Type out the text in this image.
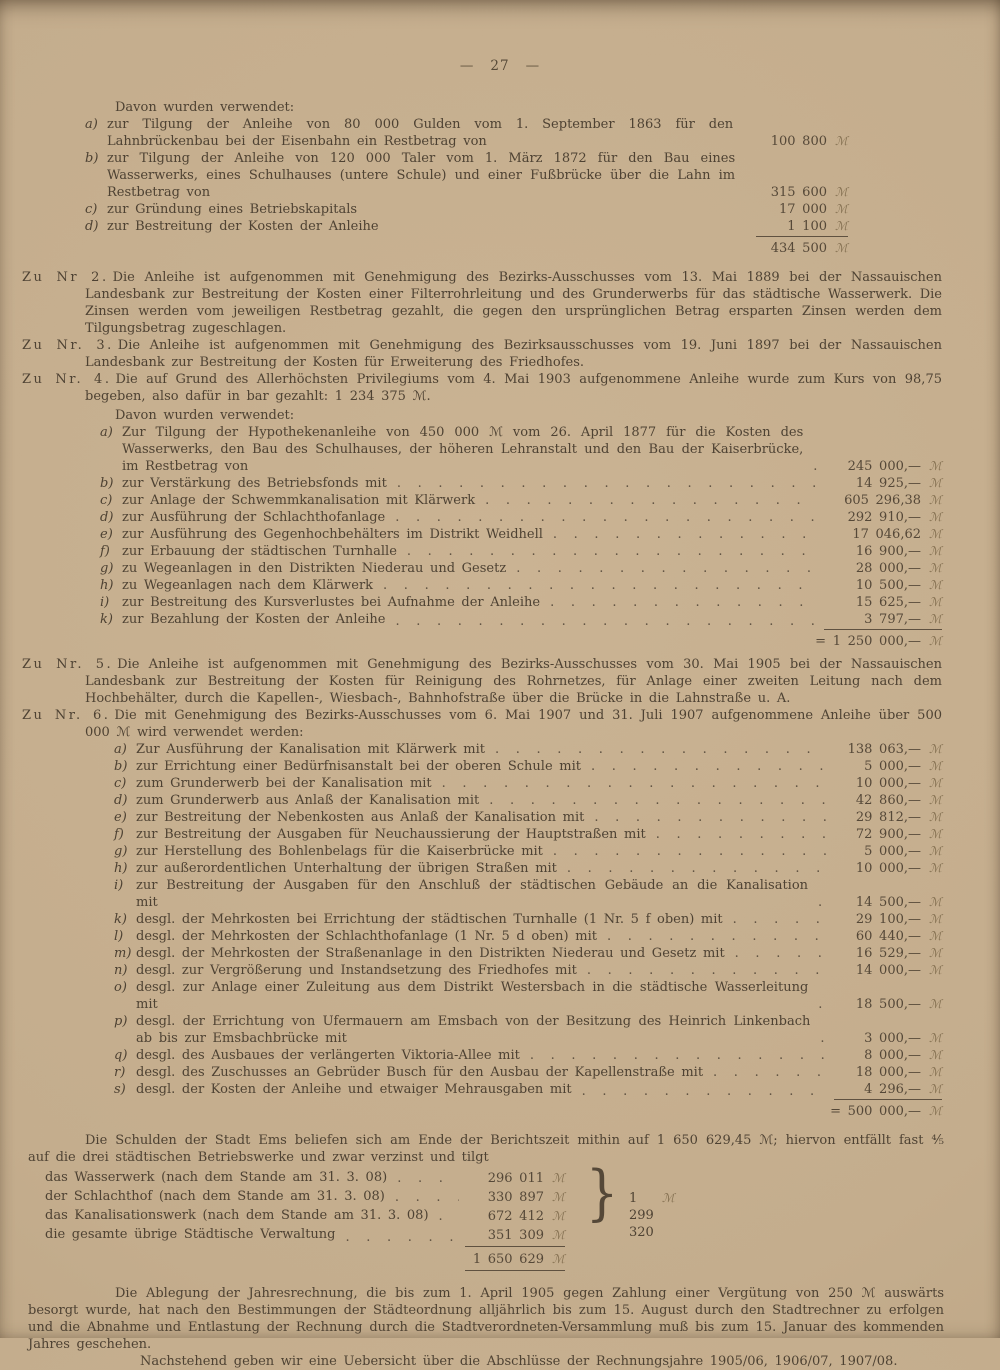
— 27 —
Davon wurden verwendet:
a) zur Tilgung der Anleihe von 80 000 Gulden vom 1. September 1863 für den Lahnbrückenbau bei der Eisenbahn ein Restbetrag von	100 800 ℳ
b) zur Tilgung der Anleihe von 120 000 Taler vom 1. März 1872 für den Bau eines Wasserwerks, eines Schulhauses (untere Schule) und einer Fußbrücke über die Lahn im Restbetrag von	315 600 ℳ
c) zur Gründung eines Betriebskapitals	17 000 ℳ
d) zur Bestreitung der Kosten der Anleihe	1 100 ℳ
434 500 ℳ

Zu Nr 2. Die Anleihe ist aufgenommen mit Genehmigung des Bezirks-Ausschusses vom 13. Mai 1889 bei der Nassauischen Landesbank zur Bestreitung der Kosten einer Filterrohrleitung und des Grunderwerbs für das städtische Wasserwerk. Die Zinsen werden vom jeweiligen Restbetrag gezahlt, die gegen den ursprünglichen Betrag ersparten Zinsen werden dem Tilgungsbetrag zugeschlagen.

Zu Nr. 3. Die Anleihe ist aufgenommen mit Genehmigung des Bezirksausschusses vom 19. Juni 1897 bei der Nassauischen Landesbank zur Bestreitung der Kosten für Erweiterung des Friedhofes.

Zu Nr. 4. Die auf Grund des Allerhöchsten Privilegiums vom 4. Mai 1903 aufgenommene Anleihe wurde zum Kurs von 98,75 begeben, also dafür in bar gezahlt: 1 234 375 ℳ.

Davon wurden verwendet:
a) Zur Tilgung der Hypothekenanleihe von 450 000 ℳ vom 26. April 1877 für die Kosten des Wasserwerks, den Bau des Schulhauses, der höheren Lehranstalt und den Bau der Kaiserbrücke, im Restbetrag von . .	245 000,— ℳ
b) zur Verstärkung des Betriebsfonds mit . .	14 925,— ℳ
c) zur Anlage der Schwemmkanalisation mit Klärwerk . .	605 296,38 ℳ
d) zur Ausführung der Schlachthofanlage . .	292 910,— ℳ
e) zur Ausführung des Gegenhochbehälters im Distrikt Weidhell . .	17 046,62 ℳ
f) zur Erbauung der städtischen Turnhalle . .	16 900,— ℳ
g) zu Wegeanlagen in den Distrikten Niederau und Gesetz . .	28 000,— ℳ
h) zu Wegeanlagen nach dem Klärwerk . .	10 500,— ℳ
i) zur Bestreitung des Kursverlustes bei Aufnahme der Anleihe . .	15 625,— ℳ
k) zur Bezahlung der Kosten der Anleihe . .	3 797,— ℳ
= 1 250 000,— ℳ

Zu Nr. 5. Die Anleihe ist aufgenommen mit Genehmigung des Bezirks-Ausschusses vom 30. Mai 1905 bei der Nassauischen Landesbank zur Bestreitung der Kosten für Reinigung des Rohrnetzes, für Anlage einer zweiten Leitung nach dem Hochbehälter, durch die Kapellen-, Wiesbach-, Bahnhofstraße über die Brücke in die Lahnstraße u. A.

Zu Nr. 6. Die mit Genehmigung des Bezirks-Ausschusses vom 6. Mai 1907 und 31. Juli 1907 aufgenommene Anleihe über 500 000 ℳ wird verwendet werden:

a) Zur Ausführung der Kanalisation mit Klärwerk mit . .	138 063,— ℳ
b) zur Errichtung einer Bedürfnisanstalt bei der oberen Schule mit . .	5 000,— ℳ
c) zum Grunderwerb bei der Kanalisation mit . .	10 000,— ℳ
d) zum Grunderwerb aus Anlaß der Kanalisation mit . .	42 860,— ℳ
e) zur Bestreitung der Nebenkosten aus Anlaß der Kanalisation mit . .	29 812,— ℳ
f) zur Bestreitung der Ausgaben für Neuchaussierung der Hauptstraßen mit . .	72 900,— ℳ
g) zur Herstellung des Bohlenbelags für die Kaiserbrücke mit . .	5 000,— ℳ
h) zur außerordentlichen Unterhaltung der übrigen Straßen mit . .	10 000,— ℳ
i) zur Bestreitung der Ausgaben für den Anschluß der städtischen Gebäude an die Kanalisation mit . .	14 500,— ℳ
k) desgl. der Mehrkosten bei Errichtung der städtischen Turnhalle (1 Nr. 5 f oben) mit . .	29 100,— ℳ
l) desgl. der Mehrkosten der Schlachthofanlage (1 Nr. 5 d oben) mit . .	60 440,— ℳ
m) desgl. der Mehrkosten der Straßenanlage in den Distrikten Niederau und Gesetz mit . .	16 529,— ℳ
n) desgl. zur Vergrößerung und Instandsetzung des Friedhofes mit . .	14 000,— ℳ
o) desgl. zur Anlage einer Zuleitung aus dem Distrikt Westersbach in die städtische Wasserleitung mit . .	18 500,— ℳ
p) desgl. der Errichtung von Ufermauern am Emsbach von der Besitzung des Heinrich Linkenbach ab bis zur Emsbachbrücke mit . .	3 000,— ℳ
q) desgl. des Ausbaues der verlängerten Viktoria-Allee mit . .	8 000,— ℳ
r) desgl. des Zuschusses an Gebrüder Busch für den Ausbau der Kapellenstraße mit . .	18 000,— ℳ
s) desgl. der Kosten der Anleihe und etwaiger Mehrausgaben mit . .	4 296,— ℳ
= 500 000,— ℳ

Die Schulden der Stadt Ems beliefen sich am Ende der Berichtszeit mithin auf 1 650 629,45 ℳ; hiervon entfällt fast ⁴⁄₅ auf die drei städtischen Betriebswerke und zwar verzinst und tilgt

das Wasserwerk (nach dem Stande am 31. 3. 08) . .	296 011 ℳ
der Schlachthof (nach dem Stande am 31. 3. 08) . .	330 897 ℳ
das Kanalisationswerk (nach dem Stande am 31. 3. 08) . .	672 412 ℳ
die gesamte übrige Städtische Verwaltung . .	351 309 ℳ
1 650 629 ℳ
} 1 299 320
ℳ

Die Ablegung der Jahresrechnung, die bis zum 1. April 1905 gegen Zahlung einer Vergütung von 250 ℳ auswärts besorgt wurde, hat nach den Bestimmungen der Städteordnung alljährlich bis zum 15. August durch den Stadtrechner zu erfolgen und die Abnahme und Entlastung der Rechnung durch die Stadtverordneten-Versammlung muß bis zum 15. Januar des kommenden Jahres geschehen.

Nachstehend geben wir eine Uebersicht über die Abschlüsse der Rechnungsjahre 1905/06, 1906/07, 1907/08.
